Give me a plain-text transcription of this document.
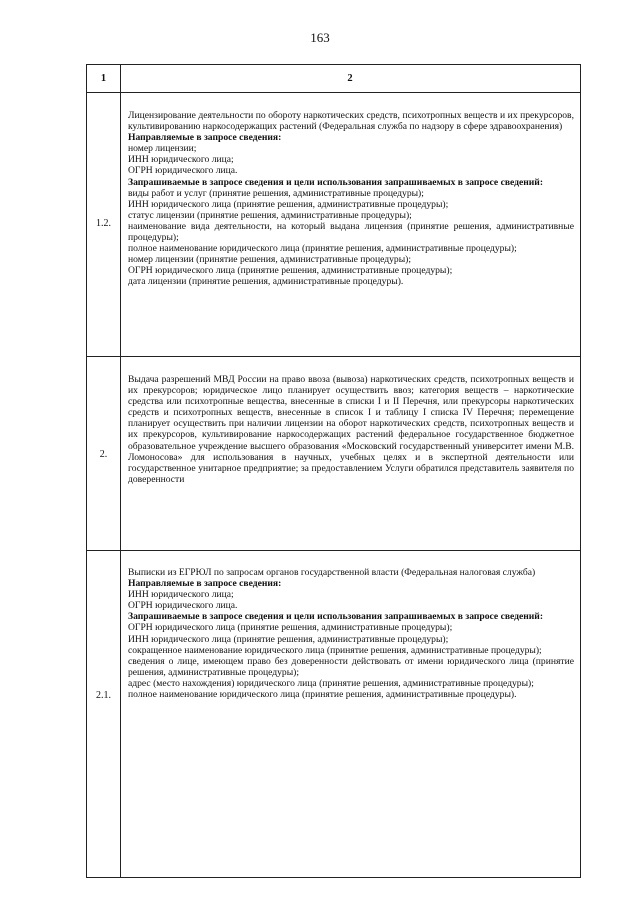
163
1	2
1.2.

Лицензирование деятельности по обороту наркотических средств, психотропных веществ и их прекурсоров, культивированию наркосодержащих растений (Федеральная служба по надзору в сфере здравоохранения)

Направляемые в запросе сведения:

номер лицензии;

ИНН юридического лица;

ОГРН юридического лица.

Запрашиваемые в запросе сведения и цели использования запрашиваемых в запросе сведений:

виды работ и услуг (принятие решения, административные процедуры);

ИНН юридического лица (принятие решения, административные процедуры);

статус лицензии (принятие решения, административные процедуры);

наименование вида деятельности, на который выдана лицензия (принятие решения, административные процедуры);

полное наименование юридического лица (принятие решения, административные процедуры);

номер лицензии (принятие решения, административные процедуры);

ОГРН юридического лица (принятие решения, административные процедуры);

дата лицензии (принятие решения, административные процедуры).

2.

Выдача разрешений МВД России на право ввоза (вывоза) наркотических средств, психотропных веществ и их прекурсоров; юридическое лицо планирует осуществить ввоз; категория веществ – наркотические средства или психотропные вещества, внесенные в списки I и II Перечня, или прекурсоры наркотических средств и психотропных веществ, внесенные в список I и таблицу I списка IV Перечня; перемещение планирует осуществить при наличии лицензии на оборот наркотических средств, психотропных веществ и их прекурсоров, культивирование наркосодержащих растений федеральное государственное бюджетное образовательное учреждение высшего образования «Московский государственный университет имени М.В. Ломоносова» для использования в научных, учебных целях и в экспертной деятельности или государственное унитарное предприятие; за предоставлением Услуги обратился представитель заявителя по доверенности

2.1.

Выписки из ЕГРЮЛ по запросам органов государственной власти (Федеральная налоговая служба)

Направляемые в запросе сведения:

ИНН юридического лица;

ОГРН юридического лица.

Запрашиваемые в запросе сведения и цели использования запрашиваемых в запросе сведений:

ОГРН юридического лица (принятие решения, административные процедуры);

ИНН юридического лица (принятие решения, административные процедуры);

сокращенное наименование юридического лица (принятие решения, административные процедуры);

сведения о лице, имеющем право без доверенности действовать от имени юридического лица (принятие решения, административные процедуры);

адрес (место нахождения) юридического лица (принятие решения, административные процедуры);

полное наименование юридического лица (принятие решения, административные процедуры).
